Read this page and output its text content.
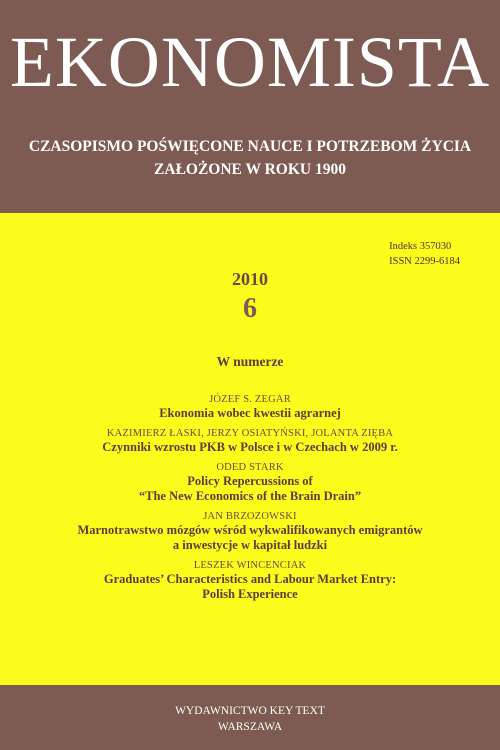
EKONOMISTA
CZASOPISMO POŚWIĘCONE NAUCE I POTRZEBOM ŻYCIA
ZAŁOŻONE W ROKU 1900
Indeks 357030
ISSN 2299-6184
2010
6
W numerze
JÓZEF S. ZEGAR
Ekonomia wobec kwestii agrarnej
KAZIMIERZ ŁASKI, JERZY OSIATYŃSKI, JOLANTA ZIĘBA
Czynniki wzrostu PKB w Polsce i w Czechach w 2009 r.
ODED STARK
Policy Repercussions of
“The New Economics of the Brain Drain”
JAN BRZOZOWSKI
Marnotrawstwo mózgów wśród wykwalifikowanych emigrantów
a inwestycje w kapitał ludzki
LESZEK WINCENCIAK
Graduates’ Characteristics and Labour Market Entry:
Polish Experience
WYDAWNICTWO KEY TEXT
WARSZAWA
